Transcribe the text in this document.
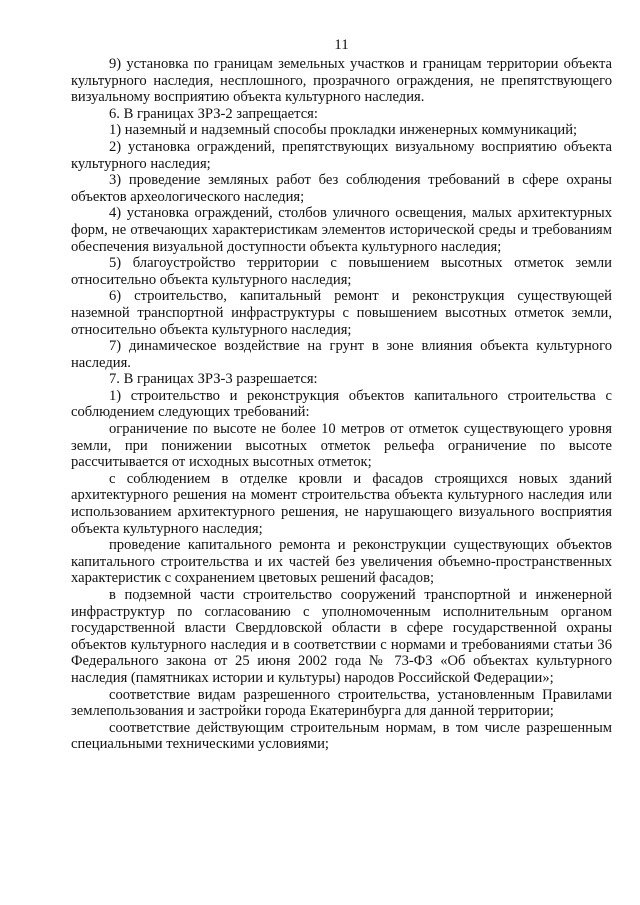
11

9) установка по границам земельных участков и границам территории объекта культурного наследия, несплошного, прозрачного ограждения, не препятствующего визуальному восприятию объекта культурного наследия.

6. В границах ЗРЗ-2 запрещается:

1) наземный и надземный способы прокладки инженерных коммуникаций;

2) установка ограждений, препятствующих визуальному восприятию объекта культурного наследия;

3) проведение земляных работ без соблюдения требований в сфере охраны объектов археологического наследия;

4) установка ограждений, столбов уличного освещения, малых архитектурных форм, не отвечающих характеристикам элементов исторической среды и требованиям обеспечения визуальной доступности объекта культурного наследия;

5) благоустройство территории с повышением высотных отметок земли относительно объекта культурного наследия;

6) строительство, капитальный ремонт и реконструкция существующей наземной транспортной инфраструктуры с повышением высотных отметок земли, относительно объекта культурного наследия;

7) динамическое воздействие на грунт в зоне влияния объекта культурного наследия.

7. В границах ЗРЗ-3 разрешается:

1) строительство и реконструкция объектов капитального строительства с соблюдением следующих требований:

ограничение по высоте не более 10 метров от отметок существующего уровня земли, при понижении высотных отметок рельефа ограничение по высоте рассчитывается от исходных высотных отметок;

с соблюдением в отделке кровли и фасадов строящихся новых зданий архитектурного решения на момент строительства объекта культурного наследия или использованием архитектурного решения, не нарушающего визуального восприятия объекта культурного наследия;

проведение капитального ремонта и реконструкции существующих объектов капитального строительства и их частей без увеличения объемно-пространственных характеристик с сохранением цветовых решений фасадов;

в подземной части строительство сооружений транспортной и инженерной инфраструктур по согласованию с уполномоченным исполнительным органом государственной власти Свердловской области в сфере государственной охраны объектов культурного наследия и в соответствии с нормами и требованиями статьи 36 Федерального закона от 25 июня 2002 года № 73-ФЗ «Об объектах культурного наследия (памятниках истории и культуры) народов Российской Федерации»;

соответствие видам разрешенного строительства, установленным Правилами землепользования и застройки города Екатеринбурга для данной территории;

соответствие действующим строительным нормам, в том числе разрешенным специальными техническими условиями;
